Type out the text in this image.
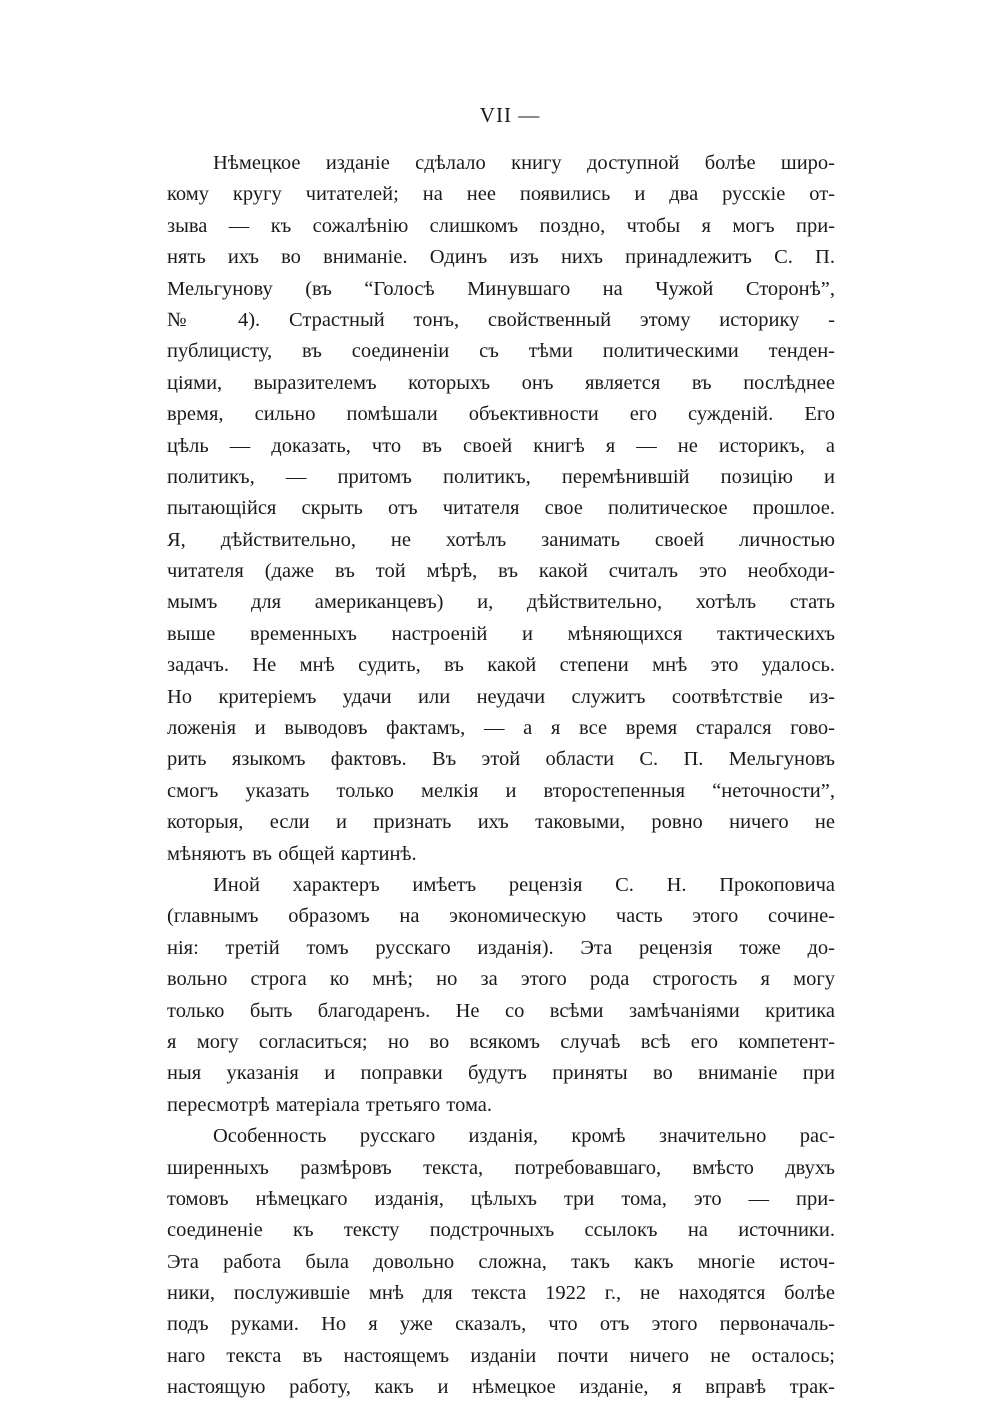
VII —
Нѣмецкое изданіе сдѣлало книгу доступной болѣе широ-
кому кругу читателей; на нее появились и два русскіе от-
зыва — къ сожалѣнію слишкомъ поздно, чтобы я могъ при-
нять ихъ во вниманіе. Одинъ изъ нихъ принадлежитъ С. П.
Мельгунову (въ “Голосѣ Минувшаго на Чужой Сторонѣ”,
№ 4). Страстный тонъ, свойственный этому историку -
публицисту, въ соединеніи съ тѣми политическими тенден-
ціями, выразителемъ которыхъ онъ является въ послѣднее
время, сильно помѣшали объективности его сужденій. Его
цѣль — доказать, что въ своей книгѣ я — не историкъ, а
политикъ, — притомъ политикъ, перемѣнившій позицію и
пытающійся скрыть отъ читателя свое политическое прошлое.
Я, дѣйствительно, не хотѣлъ занимать своей личностью
читателя (даже въ той мѣрѣ, въ какой считалъ это необходи-
мымъ для американцевъ) и, дѣйствительно, хотѣлъ стать
выше временныхъ настроеній и мѣняющихся тактическихъ
задачъ. Не мнѣ судить, въ какой степени мнѣ это удалось.
Но критеріемъ удачи или неудачи служитъ соотвѣтствіе из-
ложенія и выводовъ фактамъ, — а я все время старался гово-
рить языкомъ фактовъ. Въ этой области С. П. Мельгуновъ
смогъ указать только мелкія и второстепенныя “неточности”,
которыя, если и признать ихъ таковыми, ровно ничего не
мѣняютъ въ общей картинѣ.
Иной характеръ имѣетъ рецензія С. Н. Прокоповича
(главнымъ образомъ на экономическую часть этого сочине-
нія: третій томъ русскаго изданія). Эта рецензія тоже до-
вольно строга ко мнѣ; но за этого рода строгость я могу
только быть благодаренъ. Не со всѣми замѣчаніями критика
я могу согласиться; но во всякомъ случаѣ всѣ его компетент-
ныя указанія и поправки будутъ приняты во вниманіе при
пересмотрѣ матеріала третьяго тома.
Особенность русскаго изданія, кромѣ значительно рас-
ширенныхъ размѣровъ текста, потребовавшаго, вмѣсто двухъ
томовъ нѣмецкаго изданія, цѣлыхъ три тома, это — при-
соединеніе къ тексту подстрочныхъ ссылокъ на источники.
Эта работа была довольно сложна, такъ какъ многіе источ-
ники, послужившіе мнѣ для текста 1922 г., не находятся болѣе
подъ руками. Но я уже сказалъ, что отъ этого первоначаль-
наго текста въ настоящемъ изданіи почти ничего не осталось;
настоящую работу, какъ и нѣмецкое изданіе, я вправѣ трак-
